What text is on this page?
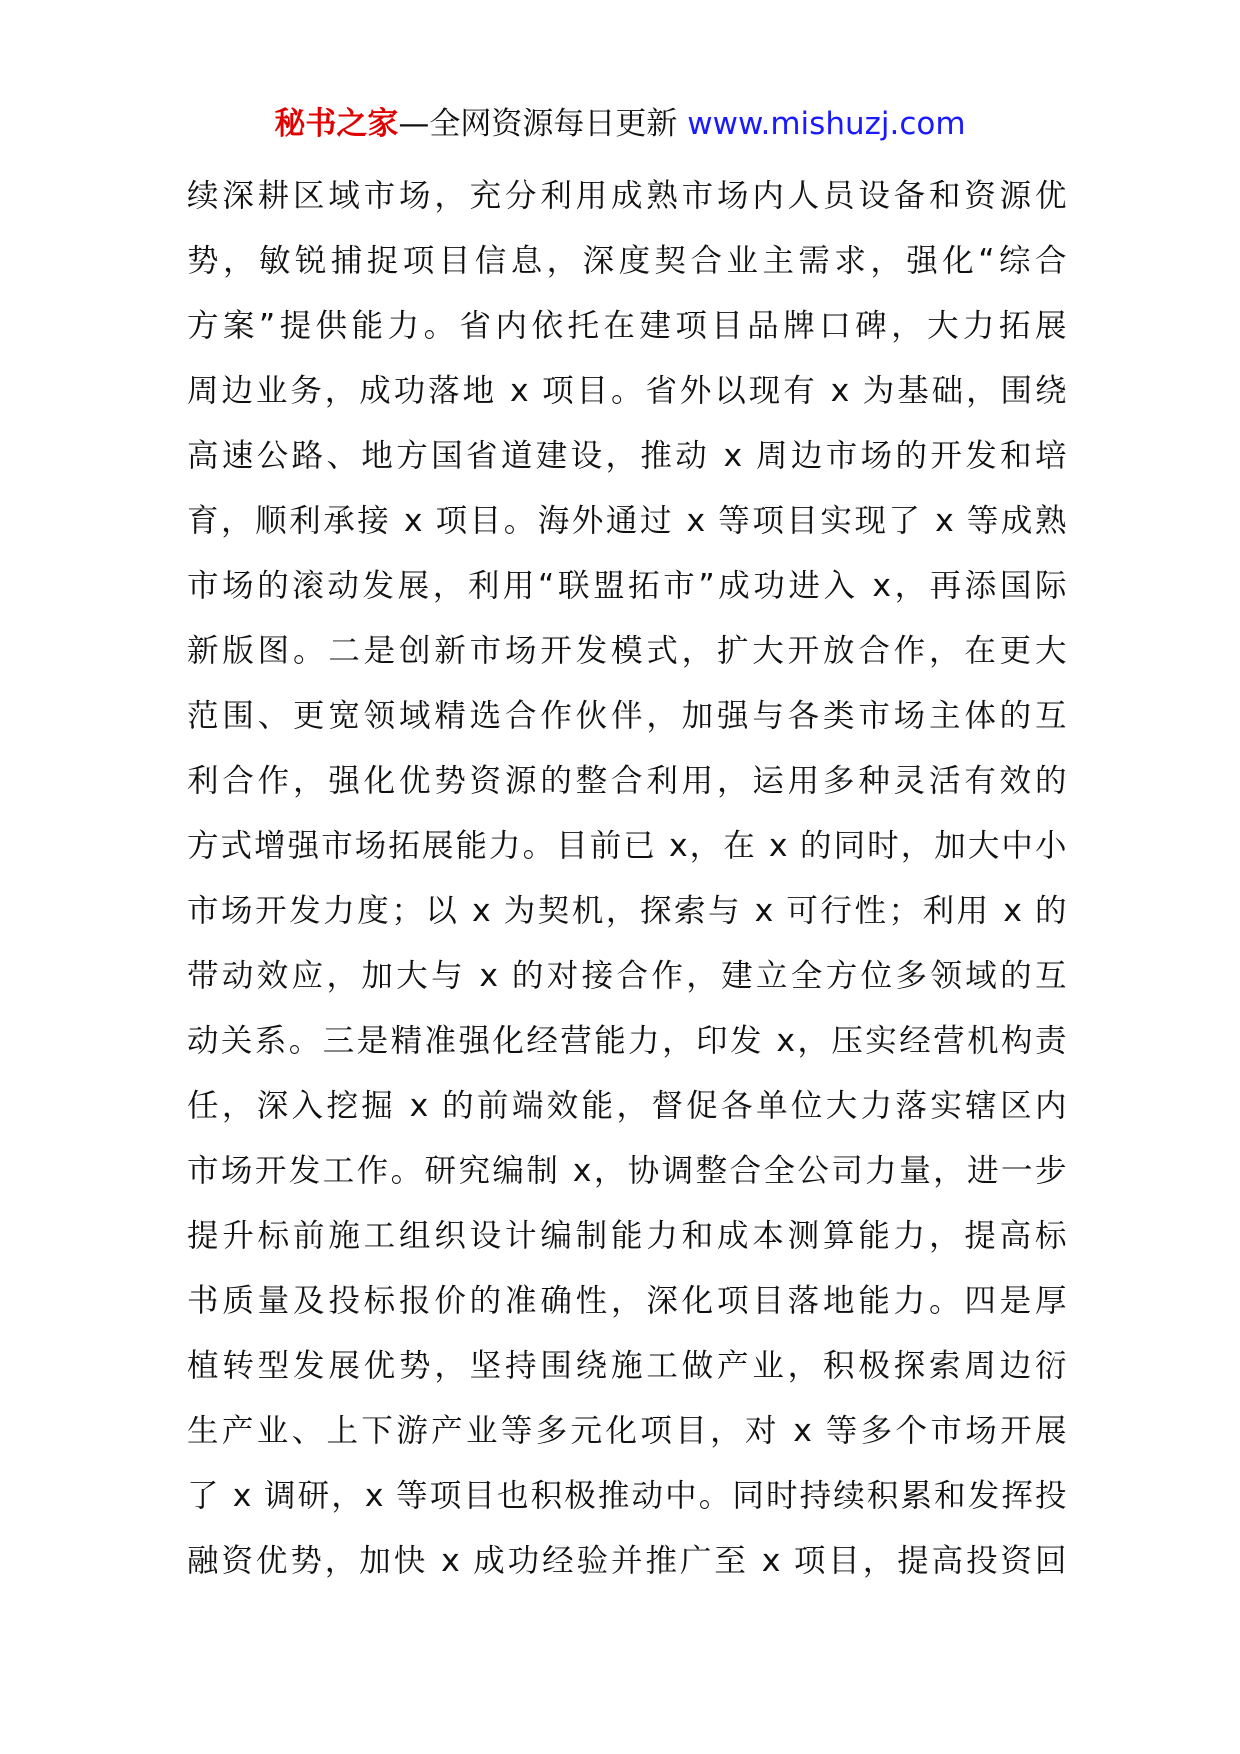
秘书之家—全网资源每日更新 www.mishuzj.com
续深耕区域市场，充分利用成熟市场内人员设备和资源优
势，敏锐捕捉项目信息，深度契合业主需求，强化“综合
方案”提供能力。省内依托在建项目品牌口碑，大力拓展
周边业务，成功落地 x 项目。省外以现有 x 为基础，围绕
高速公路、地方国省道建设，推动 x 周边市场的开发和培
育，顺利承接 x 项目。海外通过 x 等项目实现了 x 等成熟
市场的滚动发展，利用“联盟拓市”成功进入 x，再添国际
新版图。二是创新市场开发模式，扩大开放合作，在更大
范围、更宽领域精选合作伙伴，加强与各类市场主体的互
利合作，强化优势资源的整合利用，运用多种灵活有效的
方式增强市场拓展能力。目前已 x，在 x 的同时，加大中小
市场开发力度；以 x 为契机，探索与 x 可行性；利用 x 的
带动效应，加大与 x 的对接合作，建立全方位多领域的互
动关系。三是精准强化经营能力，印发 x，压实经营机构责
任，深入挖掘 x 的前端效能，督促各单位大力落实辖区内
市场开发工作。研究编制 x，协调整合全公司力量，进一步
提升标前施工组织设计编制能力和成本测算能力，提高标
书质量及投标报价的准确性，深化项目落地能力。四是厚
植转型发展优势，坚持围绕施工做产业，积极探索周边衍
生产业、上下游产业等多元化项目，对 x 等多个市场开展
了 x 调研，x 等项目也积极推动中。同时持续积累和发挥投
融资优势，加快 x 成功经验并推广至 x 项目，提高投资回
